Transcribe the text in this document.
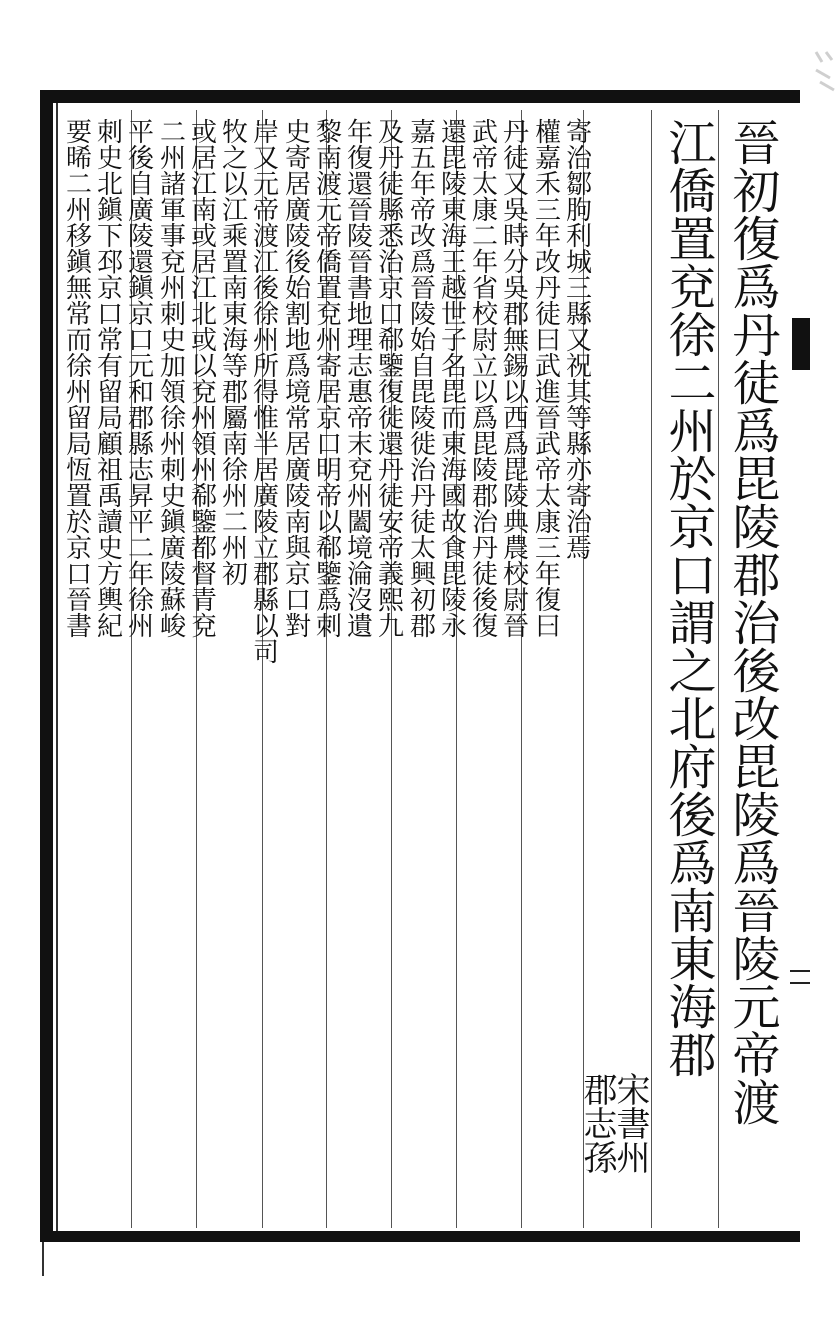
晉初復爲丹徒爲毘陵郡治後改毘陵爲晉陵元帝渡
江僑置兗徐二州於京口謂之北府後爲南東海郡
寄治鄒朐利城三縣又祝其等縣亦寄治焉
權嘉禾三年改丹徒曰武進晉武帝太康三年復曰
丹徒又吳時分吳郡無錫以西爲毘陵典農校尉晉
武帝太康二年省校尉立以爲毘陵郡治丹徒後復
還毘陵東海王越世子名毘而東海國故食毘陵永
嘉五年帝改爲晉陵始自毘陵徙治丹徒太興初郡
及丹徒縣悉治京口郗鑒復徙還丹徒安帝義熙九
年復還晉陵晉書地理志惠帝末兗州闔境淪沒遺
黎南渡元帝僑置兗州寄居京口明帝以郗鑒爲刺
史寄居廣陵後始割地爲境常居廣陵南與京口對
岸又元帝渡江後徐州所得惟半居廣陵立郡縣以司
牧之以江乘置南東海等郡屬南徐州二州初
或居江南或居江北或以兗州領州郗鑒都督青兗
二州諸軍事兗州刺史加領徐州刺史鎭廣陵蘇峻
平後自廣陵還鎭京口元和郡縣志昇平二年徐州
刺史北鎭下邳京口常有留局顧祖禹讀史方輿紀
要晞二州移鎭無常而徐州留局恆置於京口晉書
宋書州
郡志孫
